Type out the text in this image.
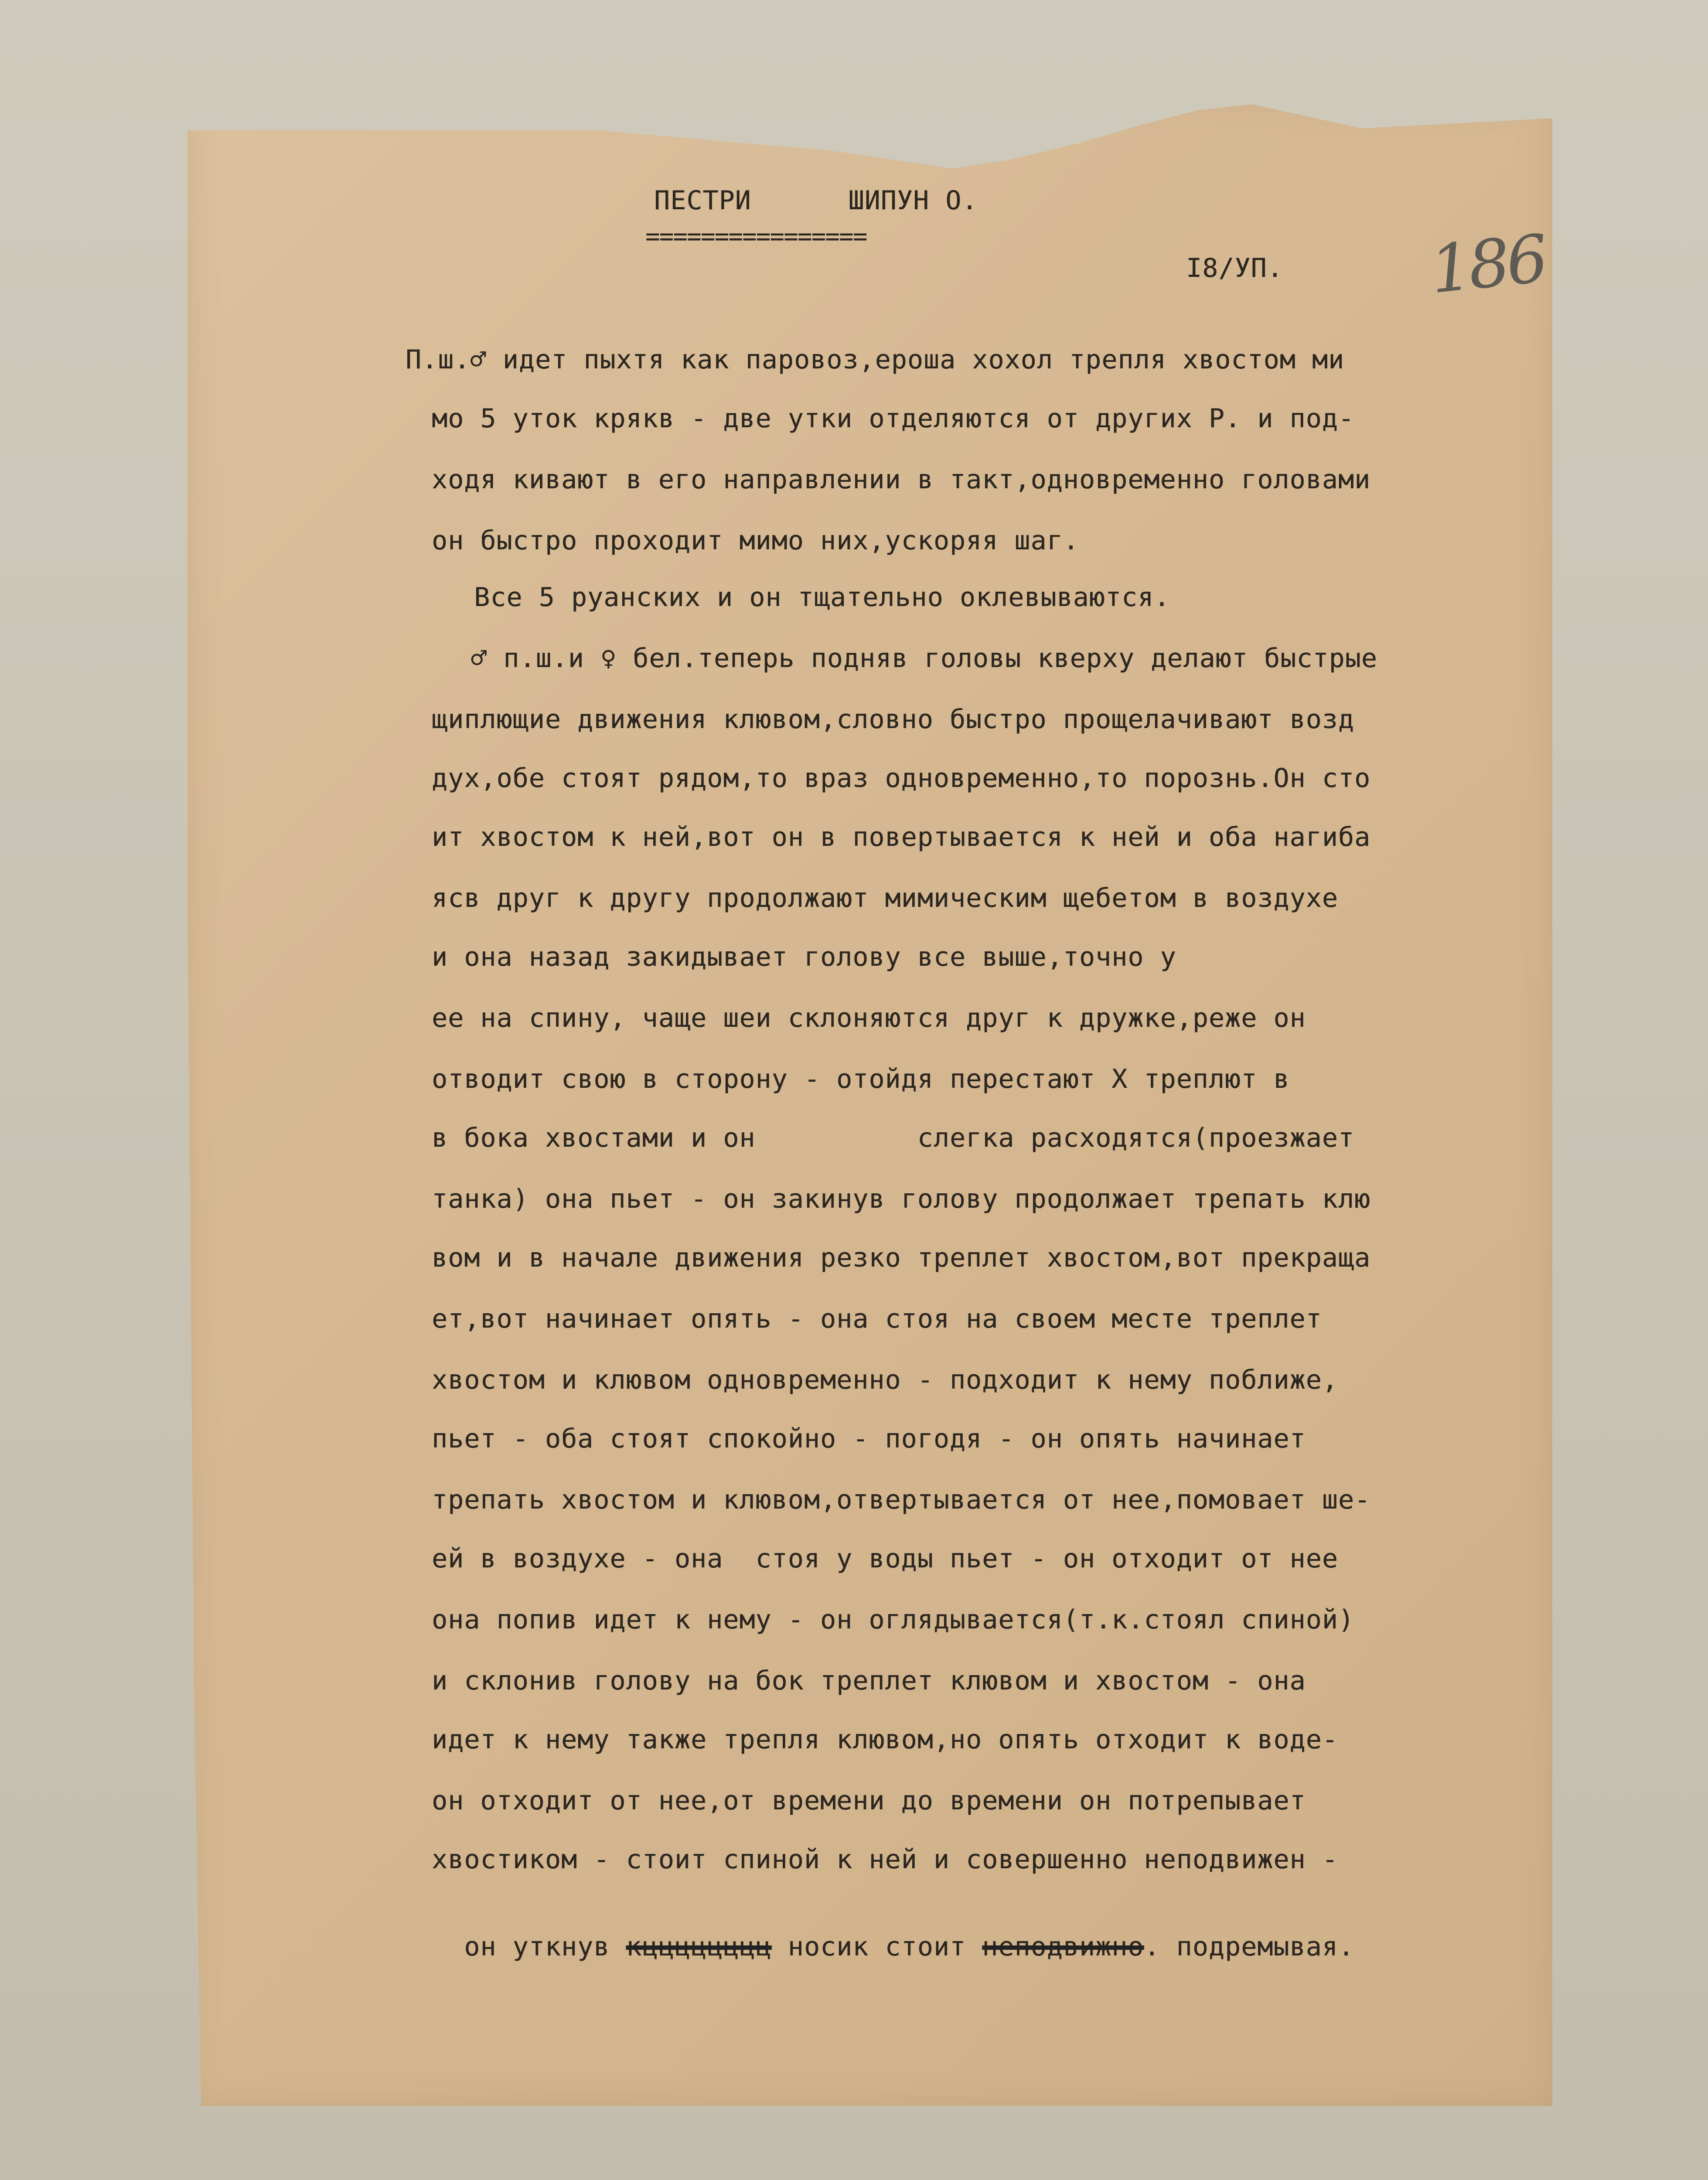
ПЕСТРИ      ШИПУН О.
================
I8/УП. 186
П.ш.♂ идет пыхтя как паровоз,ероша хохол трепля хвостом ми
мо 5 уток крякв - две утки отделяются от других Р. и под-
ходя кивают в его направлении в такт,одновременно головами
он быстро проходит мимо них,ускоряя шаг.
Все 5 руанских и он тщательно оклевываются.
♂ п.ш.и ♀ бел.теперь подняв головы кверху делают быстрые
щиплющие движения клювом,словно быстро прощелачивают возд
дух,обе стоят рядом,то враз одновременно,то порознь.Он сто
ит хвостом к ней,вот он в повертывается к ней и оба нагиба
ясв друг к другу продолжают мимическим щебетом в воздухе
и она назад закидывает голову все выше,точно у
ее на спину, чаще шеи склоняются друг к дружке,реже он
отводит свою в сторону - отойдя перестают Х треплют в
в бока хвостами и он          слегка расходятся(проезжает
танка) она пьет - он закинув голову продолжает трепать клю
вом и в начале движения резко треплет хвостом,вот прекраща
ет,вот начинает опять - она стоя на своем месте треплет
хвостом и клювом одновременно - подходит к нему поближе,
пьет - оба стоят спокойно - погодя - он опять начинает
трепать хвостом и клювом,отвертывается от нее,помовает ше-
ей в воздухе - она  стоя у воды пьет - он отходит от нее
она попив идет к нему - он оглядывается(т.к.стоял спиной)
и склонив голову на бок треплет клювом и хвостом - она
идет к нему также трепля клювом,но опять отходит к воде-
он отходит от нее,от времени до времени он потрепывает
хвостиком - стоит спиной к ней и совершенно неподвижен -

он уткнув кцццццццц носик стоит неподвижно. подремывая.
